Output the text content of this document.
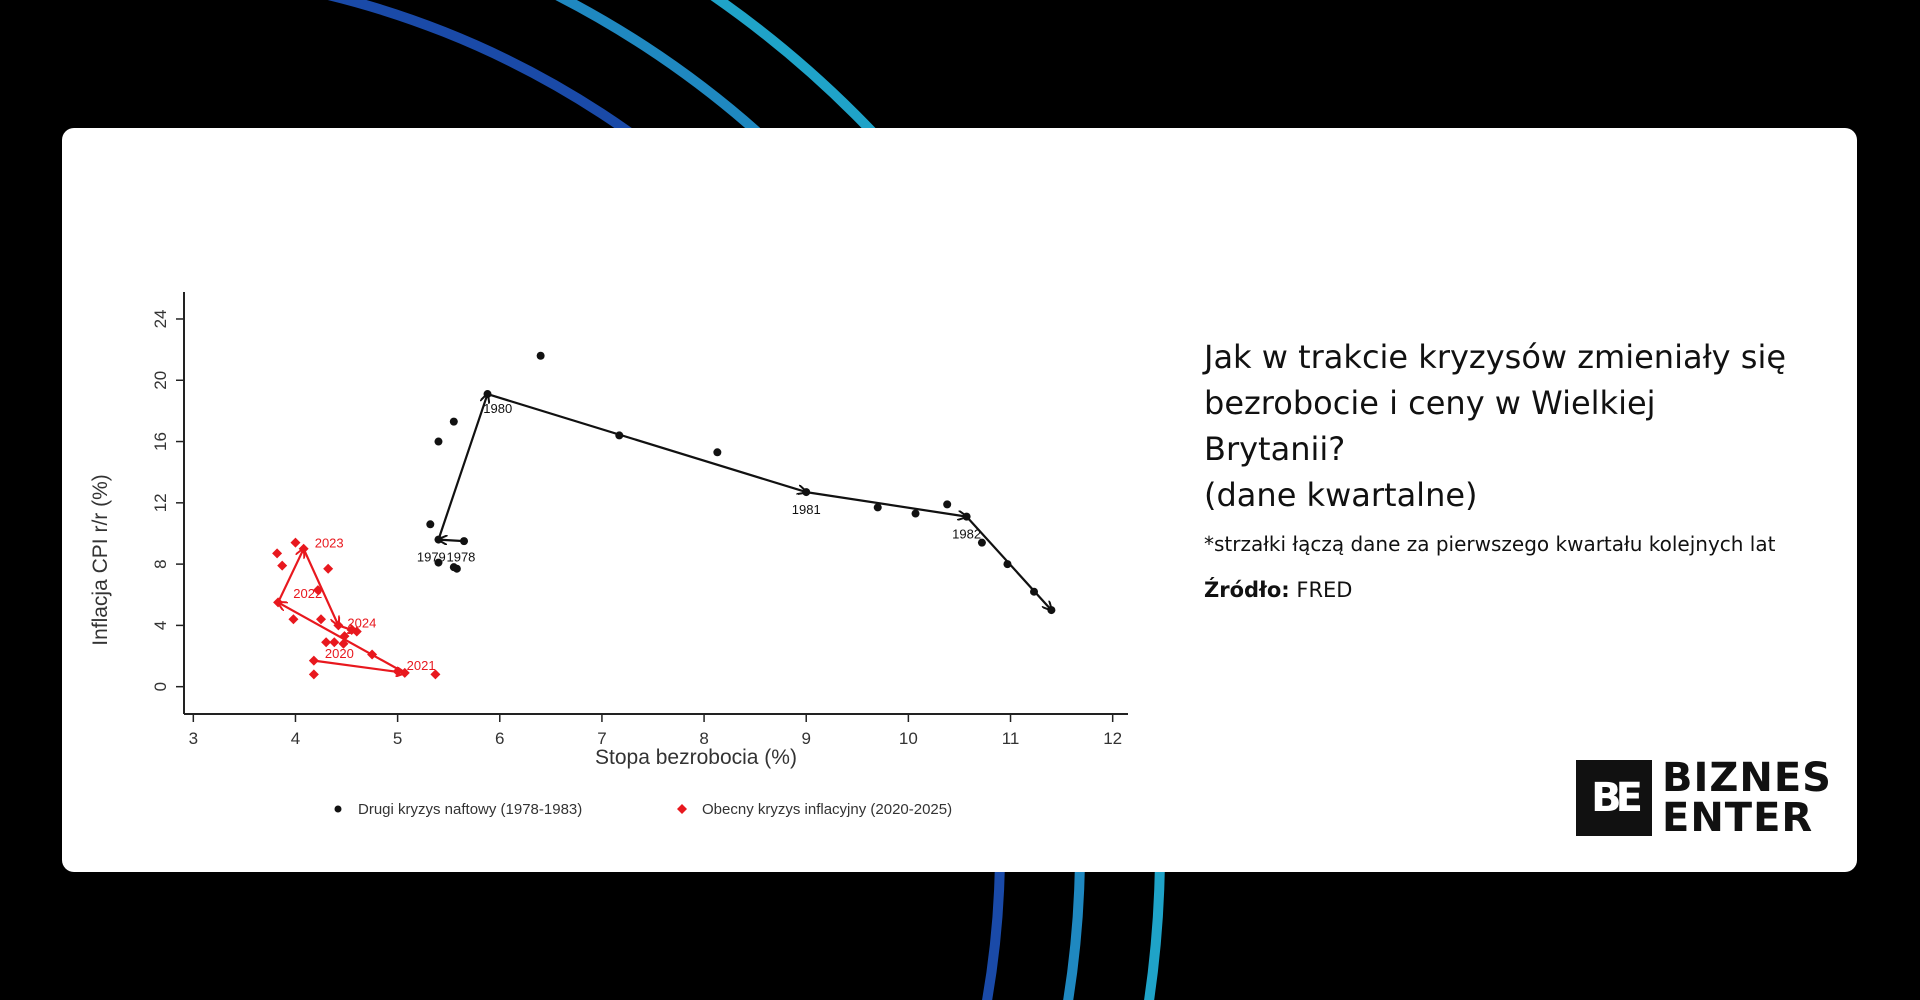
3	4	5	6	7	8	9	10	11	12
0
4
8
12
16
20
24
1978
1979
1980
1981
1982
2020
2021
2022
2023
2024
Stopa bezrobocia (%)
Inflacja CPI r/r (%)
Drugi kryzys naftowy (1978-1983)	Obecny kryzys inflacyjny (2020-2025)
Jak w trakcie kryzysów zmieniały się
bezrobocie i ceny w Wielkiej Brytanii?
(dane kwartalne)
*strzałki łączą dane za pierwszego kwartału kolejnych lat
Źródło: FRED
BE BIZNES
ENTER
